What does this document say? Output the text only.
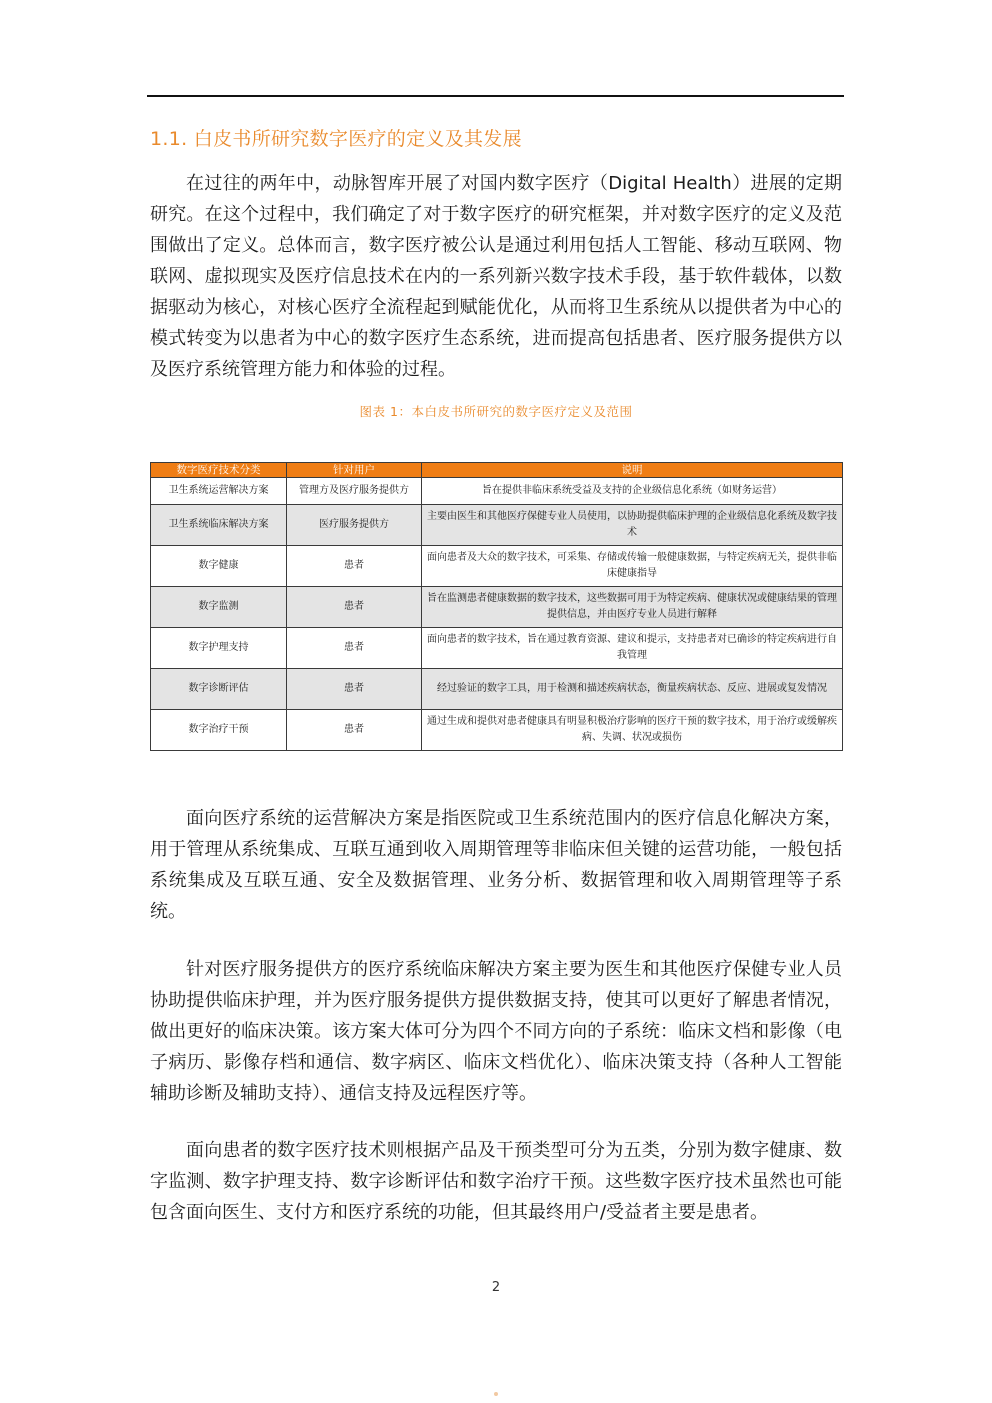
1.1. 白皮书所研究数字医疗的定义及其发展

在过往的两年中，动脉智库开展了对国内数字医疗（Digital Health）进展的定期研究。在这个过程中，我们确定了对于数字医疗的研究框架，并对数字医疗的定义及范围做出了定义。总体而言，数字医疗被公认是通过利用包括人工智能、移动互联网、物联网、虚拟现实及医疗信息技术在内的一系列新兴数字技术手段，基于软件载体，以数据驱动为核心，对核心医疗全流程起到赋能优化，从而将卫生系统从以提供者为中心的模式转变为以患者为中心的数字医疗生态系统，进而提高包括患者、医疗服务提供方以及医疗系统管理方能力和体验的过程。

图表 1：本白皮书所研究的数字医疗定义及范围
数字医疗技术分类	针对用户	说明
卫生系统运营解决方案	管理方及医疗服务提供方	旨在提供非临床系统受益及支持的企业级信息化系统（如财务运营）
卫生系统临床解决方案	医疗服务提供方	主要由医生和其他医疗保健专业人员使用，以协助提供临床护理的企业级信息化系统及数字技术
数字健康	患者	面向患者及大众的数字技术，可采集、存储或传输一般健康数据，与特定疾病无关，提供非临床健康指导
数字监测	患者	旨在监测患者健康数据的数字技术，这些数据可用于为特定疾病、健康状况或健康结果的管理提供信息，并由医疗专业人员进行解释
数字护理支持	患者	面向患者的数字技术，旨在通过教育资源、建议和提示，支持患者对已确诊的特定疾病进行自我管理
数字诊断评估	患者	经过验证的数字工具，用于检测和描述疾病状态，衡量疾病状态、反应、进展或复发情况
数字治疗干预	患者	通过生成和提供对患者健康具有明显积极治疗影响的医疗干预的数字技术，用于治疗或缓解疾病、失调、状况或损伤

面向医疗系统的运营解决方案是指医院或卫生系统范围内的医疗信息化解决方案，用于管理从系统集成、互联互通到收入周期管理等非临床但关键的运营功能，一般包括系统集成及互联互通、安全及数据管理、业务分析、数据管理和收入周期管理等子系统。

针对医疗服务提供方的医疗系统临床解决方案主要为医生和其他医疗保健专业人员协助提供临床护理，并为医疗服务提供方提供数据支持，使其可以更好了解患者情况，做出更好的临床决策。该方案大体可分为四个不同方向的子系统：临床文档和影像（电子病历、影像存档和通信、数字病区、临床文档优化）、临床决策支持（各种人工智能辅助诊断及辅助支持）、通信支持及远程医疗等。

面向患者的数字医疗技术则根据产品及干预类型可分为五类，分别为数字健康、数字监测、数字护理支持、数字诊断评估和数字治疗干预。这些数字医疗技术虽然也可能包含面向医生、支付方和医疗系统的功能，但其最终用户/受益者主要是患者。

2
